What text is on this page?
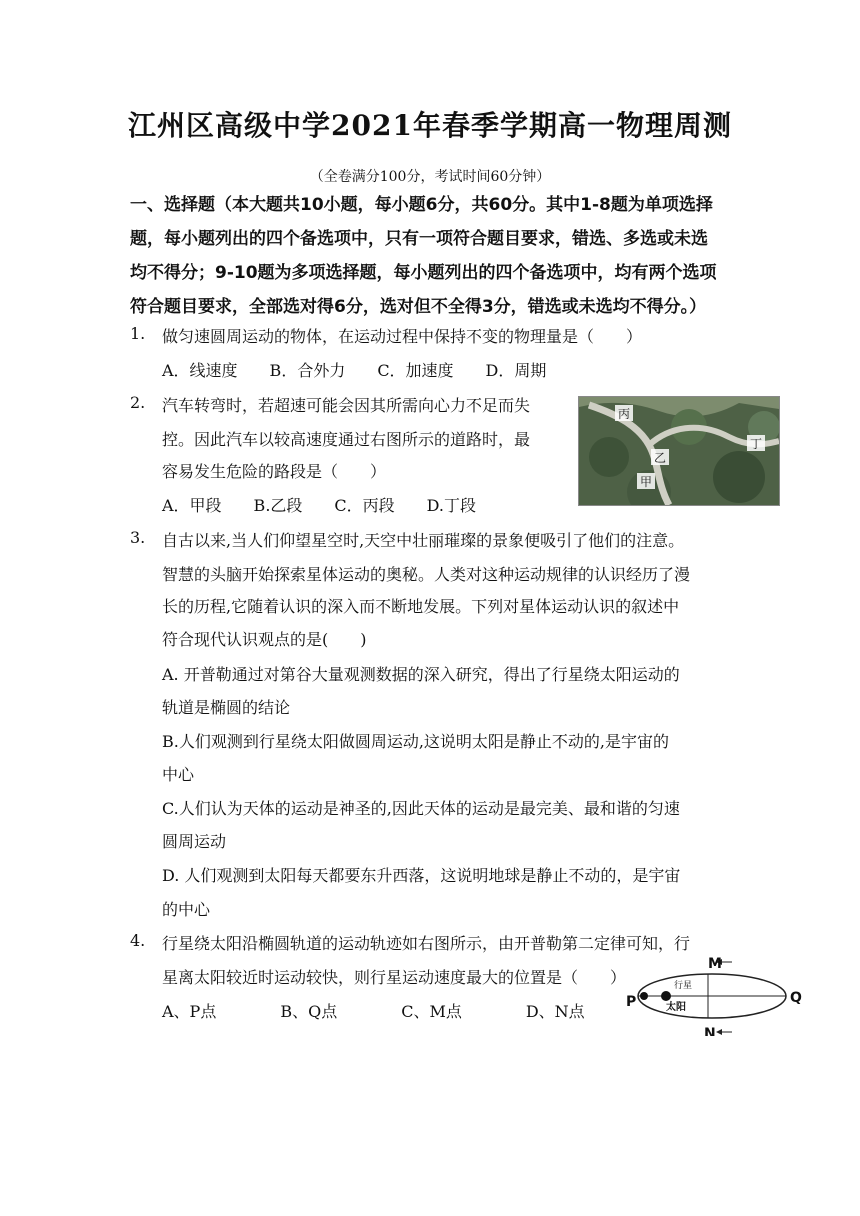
江州区高级中学2021年春季学期高一物理周测
（全卷满分100分，考试时间60分钟）
一、选择题（本大题共10小题，每小题6分，共60分。其中1-8题为单项选择
题，每小题列出的四个备选项中，只有一项符合题目要求，错选、多选或未选
均不得分；9-10题为多项选择题，每小题列出的四个备选项中，均有两个选项
符合题目要求，全部选对得6分，选对但不全得3分，错选或未选均不得分。）
1. 做匀速圆周运动的物体，在运动过程中保持不变的物理量是（　　）
A．线速度　　B．合外力　　C．加速度　　D．周期
2. 汽车转弯时，若超速可能会因其所需向心力不足而失
控。因此汽车以较高速度通过右图所示的道路时，最
容易发生危险的路段是（　　）
A．甲段　　B.乙段　　C．丙段　　D.丁段
丙
乙
甲
丁
3. 自古以来,当人们仰望星空时,天空中壮丽璀璨的景象便吸引了他们的注意。
智慧的头脑开始探索星体运动的奥秘。人类对这种运动规律的认识经历了漫
长的历程,它随着认识的深入而不断地发展。下列对星体运动认识的叙述中
符合现代认识观点的是(　　)
A. 开普勒通过对第谷大量观测数据的深入研究，得出了行星绕太阳运动的
轨道是椭圆的结论
B.人们观测到行星绕太阳做圆周运动,这说明太阳是静止不动的,是宇宙的
中心
C.人们认为天体的运动是神圣的,因此天体的运动是最完美、最和谐的匀速
圆周运动
D. 人们观测到太阳每天都要东升西落，这说明地球是静止不动的，是宇宙
的中心
4. 行星绕太阳沿椭圆轨道的运动轨迹如右图所示，由开普勒第二定律可知，行
星离太阳较近时运动较快，则行星运动速度最大的位置是（　　）
A、P点　　　　B、Q点　　　　C、M点　　　　D、N点
M
N
P	Q
行星
太阳
